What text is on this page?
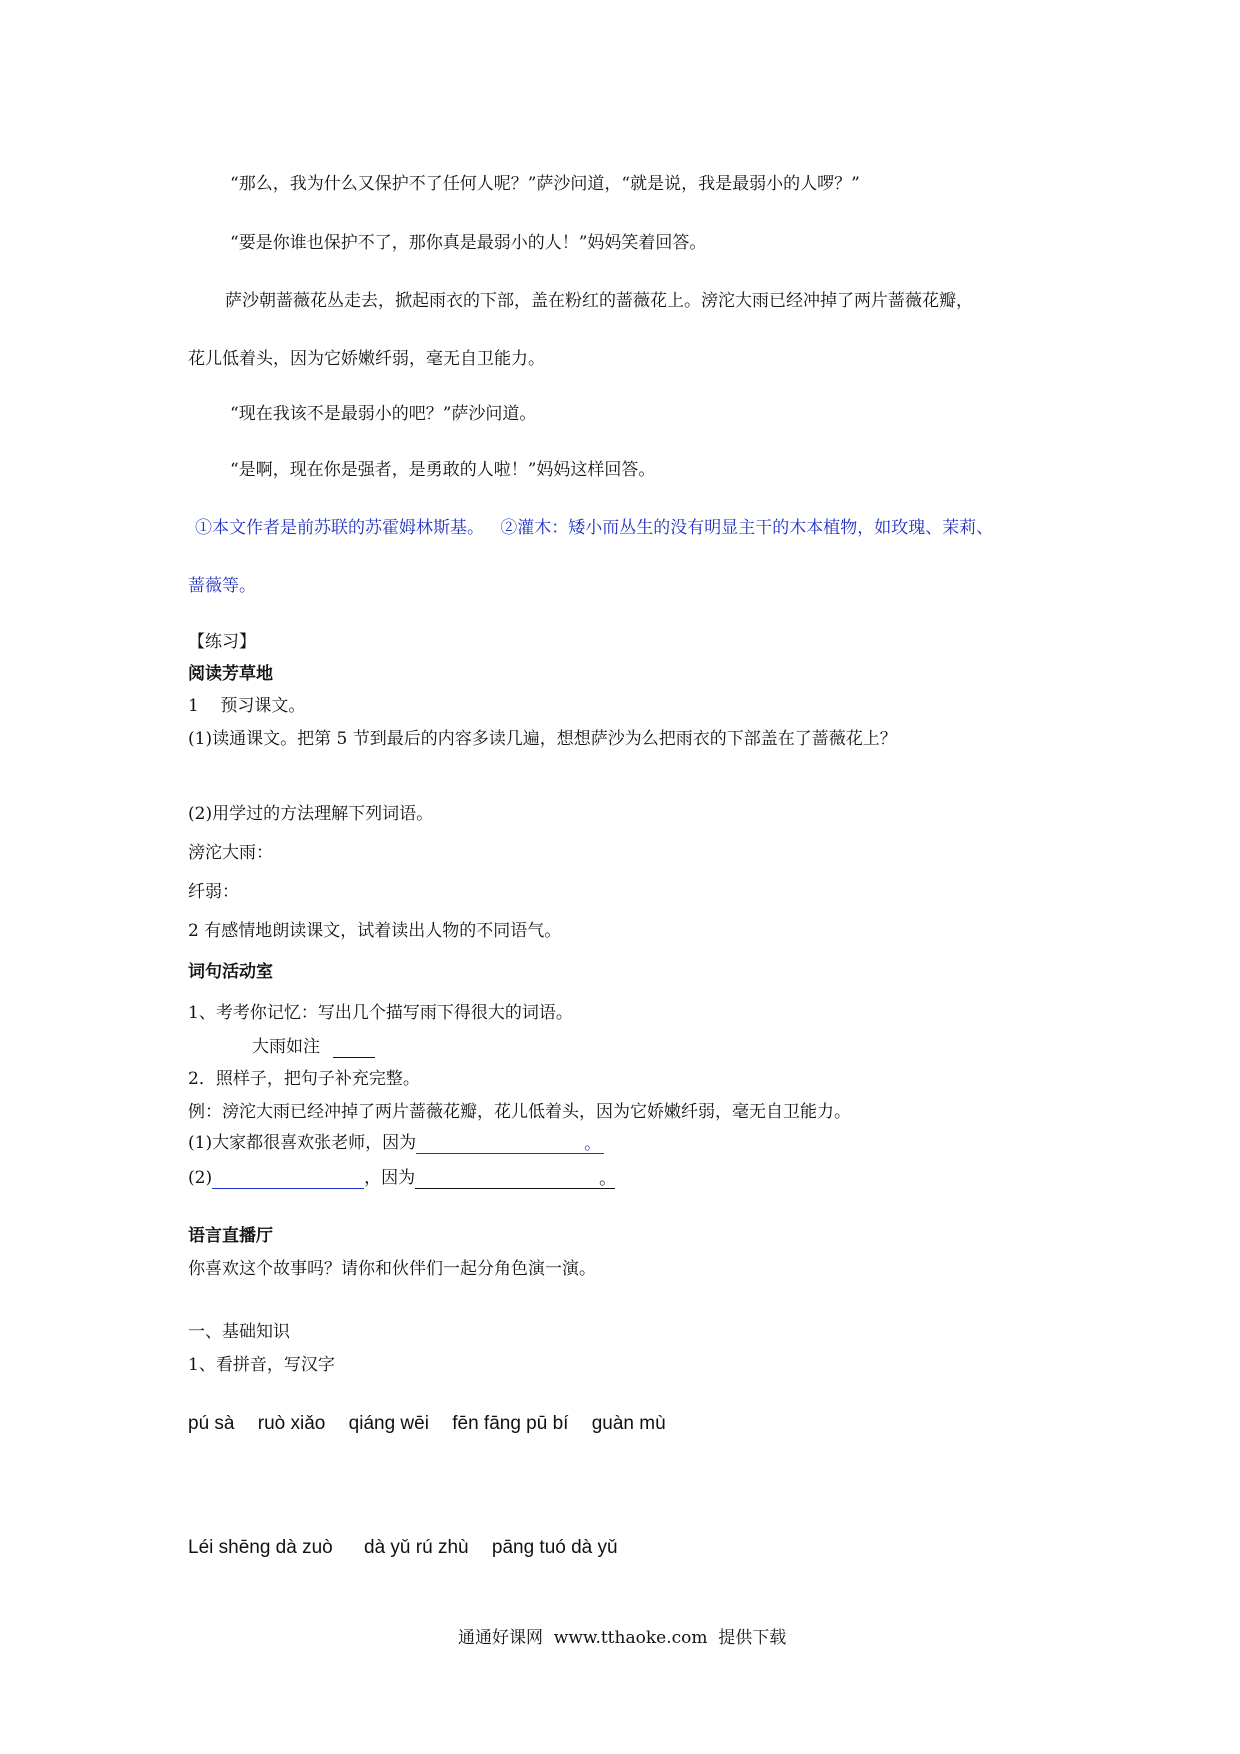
“那么，我为什么又保护不了任何人呢？”萨沙问道，“就是说，我是最弱小的人啰？”
“要是你谁也保护不了，那你真是最弱小的人！”妈妈笑着回答。
萨沙朝蔷薇花丛走去，掀起雨衣的下部，盖在粉红的蔷薇花上。滂沱大雨已经冲掉了两片蔷薇花瓣，
花儿低着头，因为它娇嫩纤弱，毫无自卫能力。
“现在我该不是最弱小的吧？”萨沙问道。
“是啊，现在你是强者，是勇敢的人啦！”妈妈这样回答。
①本文作者是前苏联的苏霍姆林斯基。   ②灌木：矮小而丛生的没有明显主干的木本植物，如玫瑰、茉莉、
蔷薇等。
【练习】
阅读芳草地
1    预习课文。
(1)读通课文。把第 5 节到最后的内容多读几遍，想想萨沙为么把雨衣的下部盖在了蔷薇花上？
(2)用学过的方法理解下列词语。
滂沱大雨：
纤弱：
2 有感情地朗读课文，试着读出人物的不同语气。
词句活动室
1、考考你记忆：写出几个描写雨下得很大的词语。
大雨如注
2．照样子，把句子补充完整。
例：滂沱大雨已经冲掉了两片蔷薇花瓣，花儿低着头，因为它娇嫩纤弱，毫无自卫能力。
(1)大家都很喜欢张老师，因为	。
(2)	，因为	。
语言直播厅
你喜欢这个故事吗？请你和伙伴们一起分角色演一演。
一、基础知识
1、看拼音，写汉字
pú sà ruò xiǎo qiáng wēi fēn fāng pū bí guàn mù
Léi shēng dà zuò dà yǔ rú zhù pāng tuó dà yǔ
通通好课网  www.tthaoke.com  提供下载
